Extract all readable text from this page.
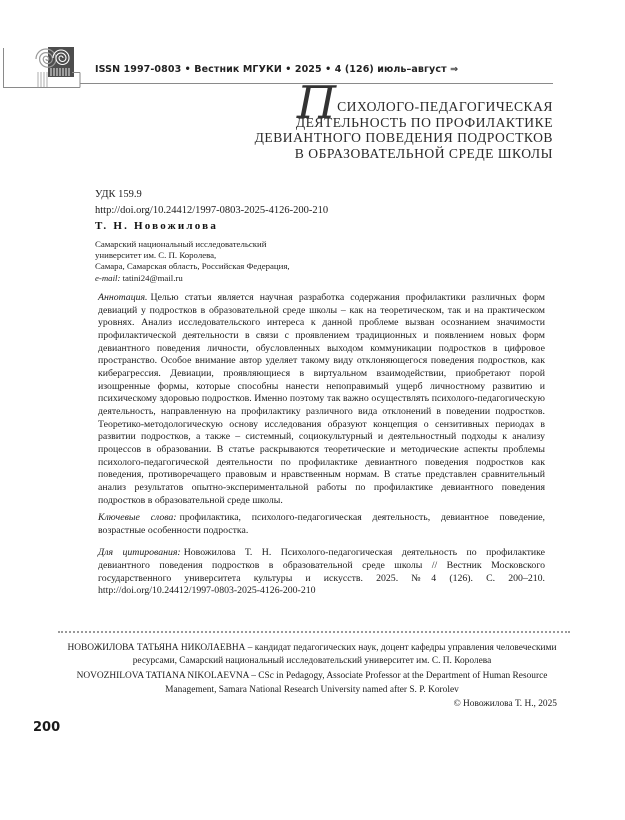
ISSN 1997-0803 • Вестник МГУКИ • 2025 • 4 (126) июль–август ⇒
ПСИХОЛОГО-ПЕДАГОГИЧЕСКАЯ
ДЕЯТЕЛЬНОСТЬ ПО ПРОФИЛАКТИКЕ
ДЕВИАНТНОГО ПОВЕДЕНИЯ ПОДРОСТКОВ
В ОБРАЗОВАТЕЛЬНОЙ СРЕДЕ ШКОЛЫ
УДК 159.9
http://doi.org/10.24412/1997-0803-2025-4126-200-210
Т. Н. Новожилова
Самарский национальный исследовательский
университет им. С. П. Королева,
Самара, Самарская область, Российская Федерация,
e-mail: tatini24@mail.ru

Аннотация. Целью статьи является научная разработка содержания профилактики различных форм девиаций у подростков в образовательной среде школы – как на теоретическом, так и на практическом уровнях. Анализ исследовательского интереса к данной проблеме вызван осознанием значимости профилактической деятельности в связи с проявлением традиционных и появлением новых форм девиантного поведения личности, обусловленных выходом коммуникации подростков в цифровое пространство. Особое внимание автор уделяет такому виду отклоняющегося поведения подростков, как киберагрессия. Девиации, проявляющиеся в виртуальном взаимодействии, приобретают порой изощренные формы, которые способны нанести непоправимый ущерб личностному развитию и психическому здоровью подростков. Именно поэтому так важно осуществлять психолого-педагогическую деятельность, направленную на профилактику различного вида отклонений в поведении подростков. Теоретико-методологическую основу исследования образуют концепция о сензитивных периодах в развитии подростков, а также – системный, социокультурный и деятельностный подходы к анализу процессов в образовании. В статье раскрываются теоретические и методические аспекты проблемы психолого-педагогической деятельности по профилактике девиантного поведения подростков как поведения, противоречащего правовым и нравственным нормам. В статье представлен сравнительный анализ результатов опытно-экспериментальной работы по профилактике девиантного поведения подростков в образовательной среде школы.

Ключевые слова: профилактика, психолого-педагогическая деятельность, девиантное поведение, возрастные особенности подростка.

Для цитирования: Новожилова Т. Н. Психолого-педагогическая деятельность по профилактике девиантного поведения подростков в образовательной среде школы // Вестник Московского государственного университета культуры и искусств. 2025. №4 (126). С. 200–210. http://doi.org/10.24412/1997-0803-2025-4126-200-210

НОВОЖИЛОВА ТАТЬЯНА НИКОЛАЕВНА – кандидат педагогических наук, доцент кафедры управления человеческими ресурсами, Самарский национальный исследовательский университет им. С. П. Королева

NOVOZHILOVA TATIANA NIKOLAEVNA – CSc in Pedagogy, Associate Professor at the Department of Human Resource Management, Samara National Research University named after S. P. Korolev

© Новожилова Т. Н., 2025
200
